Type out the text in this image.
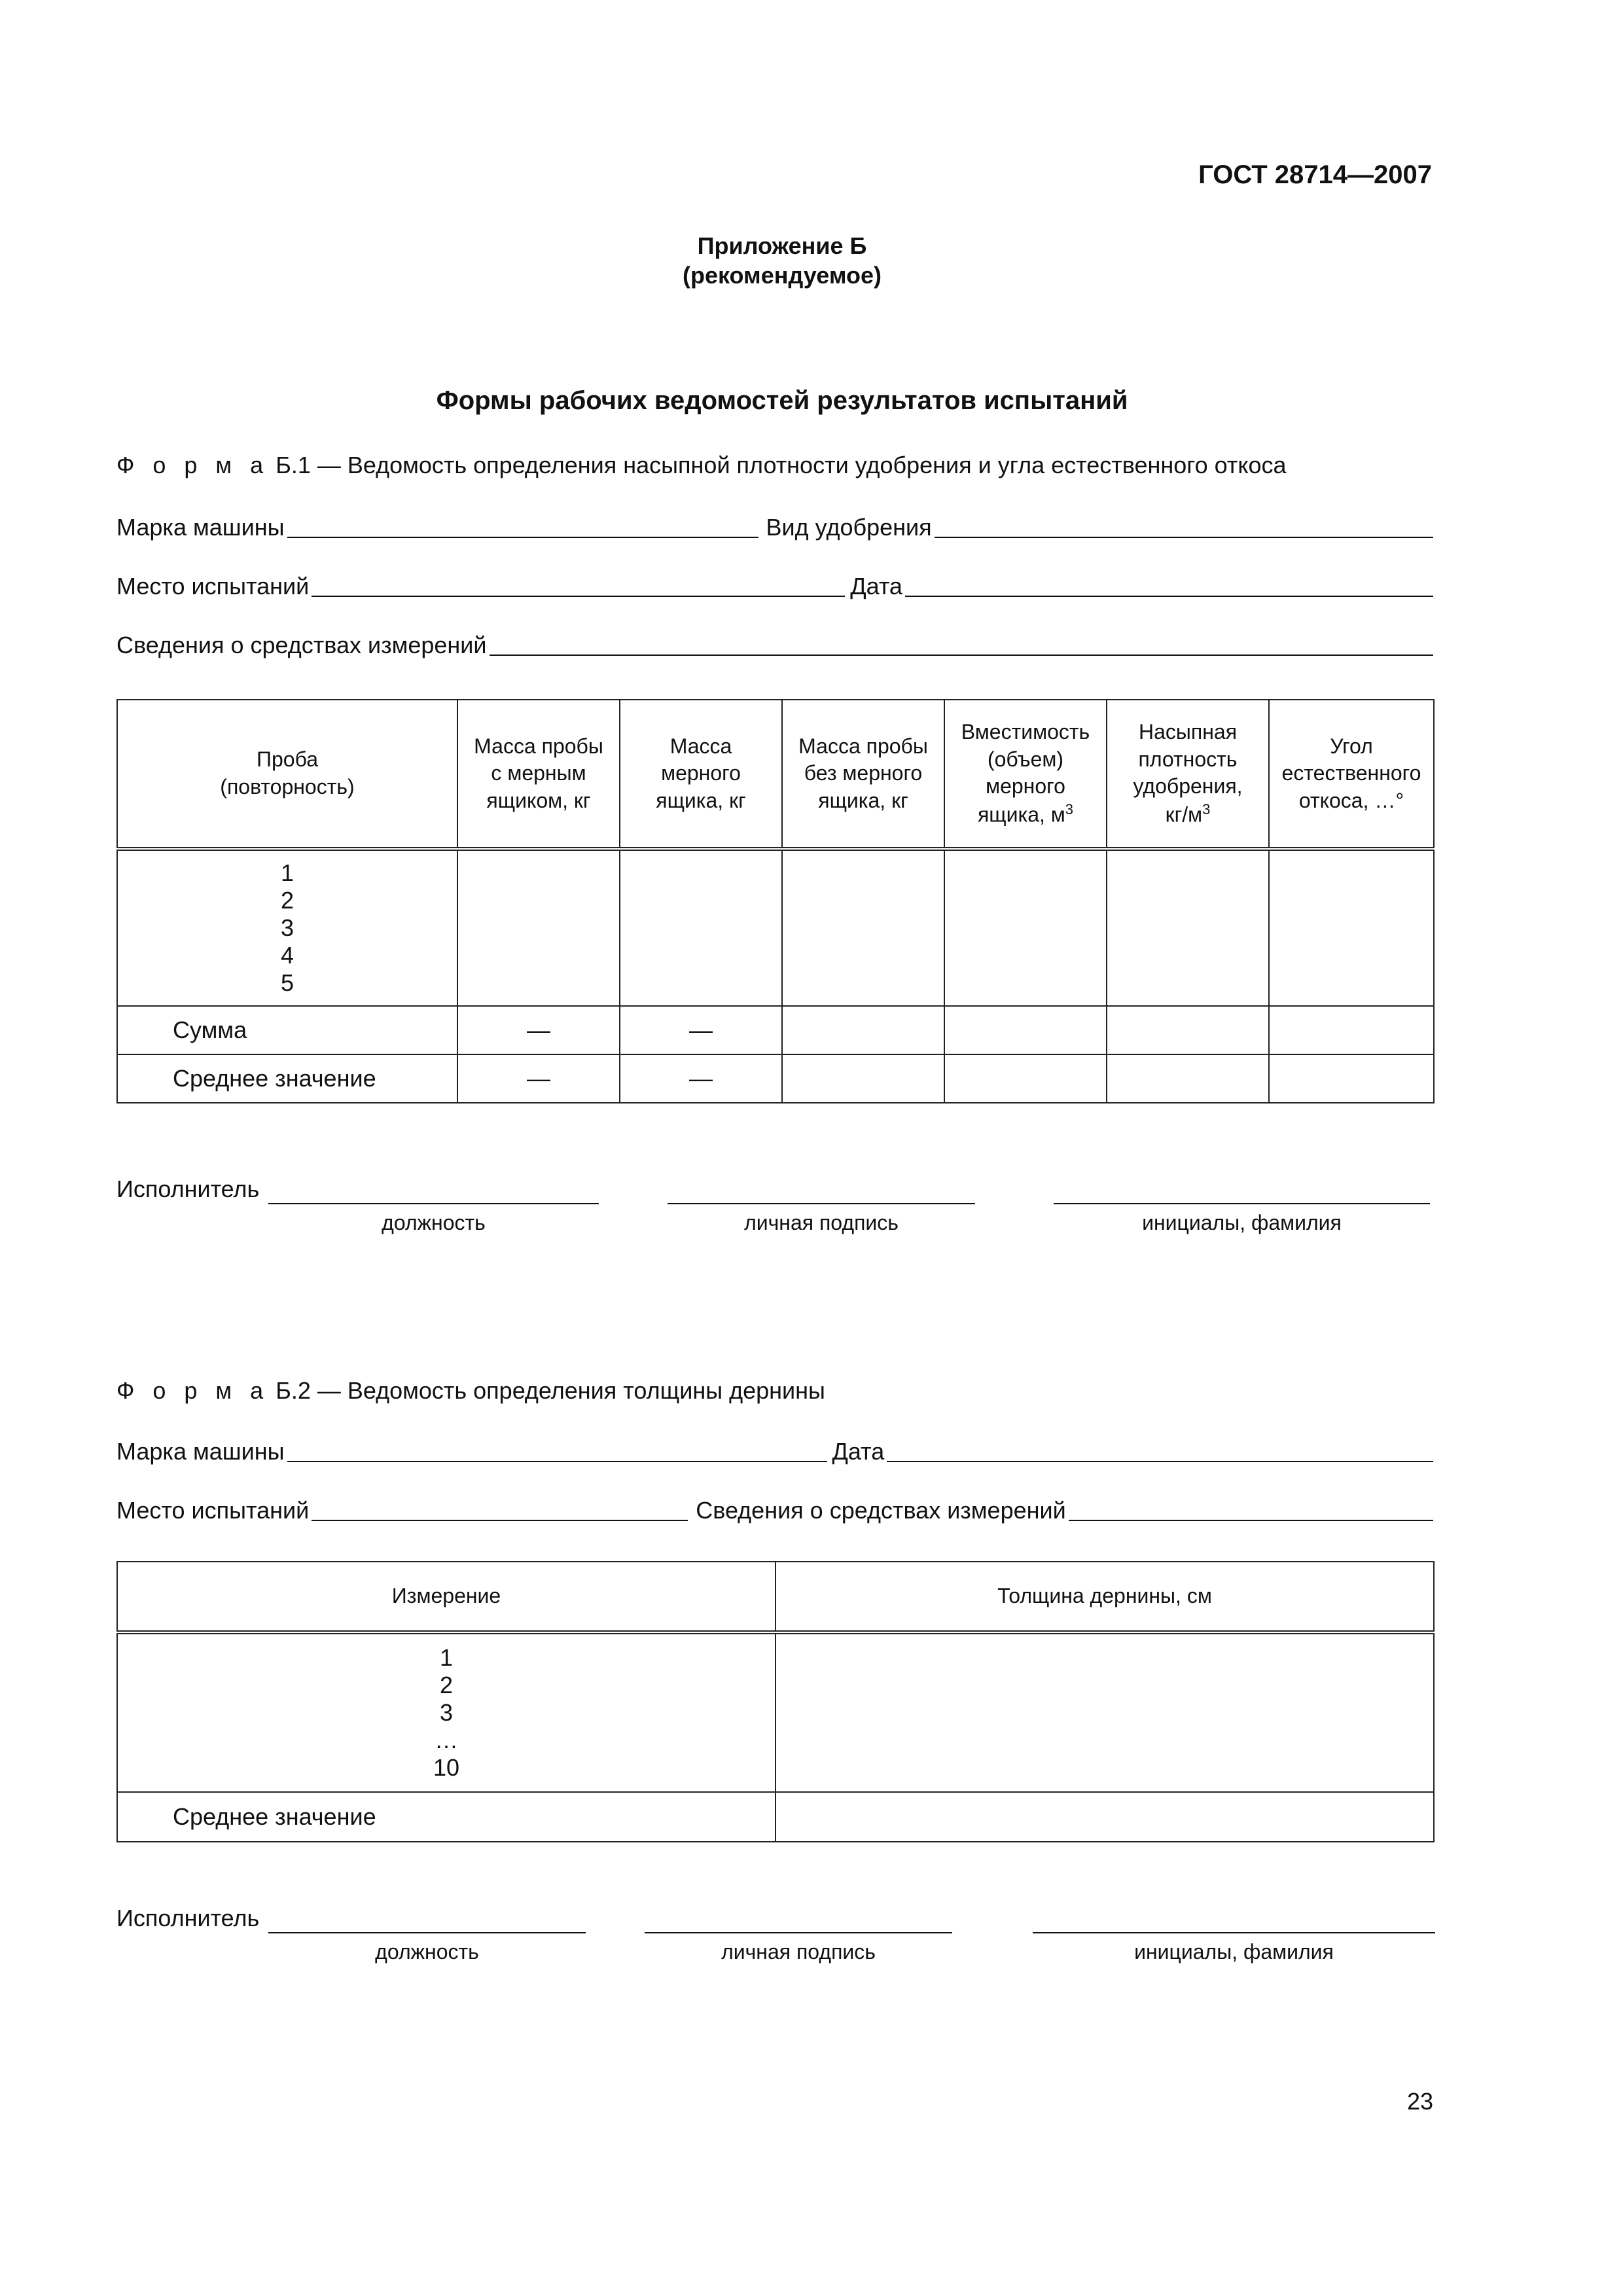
ГОСТ 28714—2007
Приложение Б
(рекомендуемое)
Формы рабочих ведомостей результатов испытаний
Ф о р м а Б.1 — Ведомость определения насыпной плотности удобрения и угла естественного откоса
Марка машины	Вид удобрения
Место испытаний	Дата
Сведения о средствах измерений
Проба
(повторность)	Масса пробы
с мерным
ящиком, кг	Масса
мерного
ящика, кг	Масса пробы
без мерного
ящика, кг	Вместимость
(объем)
мерного
ящика, $м^3$	Насыпная
плотность
удобрения,
$кг/м^3$	Угол
естественного
откоса, …°

1
2
3
4
5						

Сумма	—	—				
Среднее значение	—	—				
Исполнитель
должность	личная подпись	инициалы, фамилия
Ф о р м а Б.2 — Ведомость определения толщины дернины
Марка машины	Дата
Место испытаний	Сведения о средствах измерений
Измерение	Толщина дернины, см

1
2
3
…
10	

Среднее значение	
Исполнитель
должность	личная подпись	инициалы, фамилия
23
